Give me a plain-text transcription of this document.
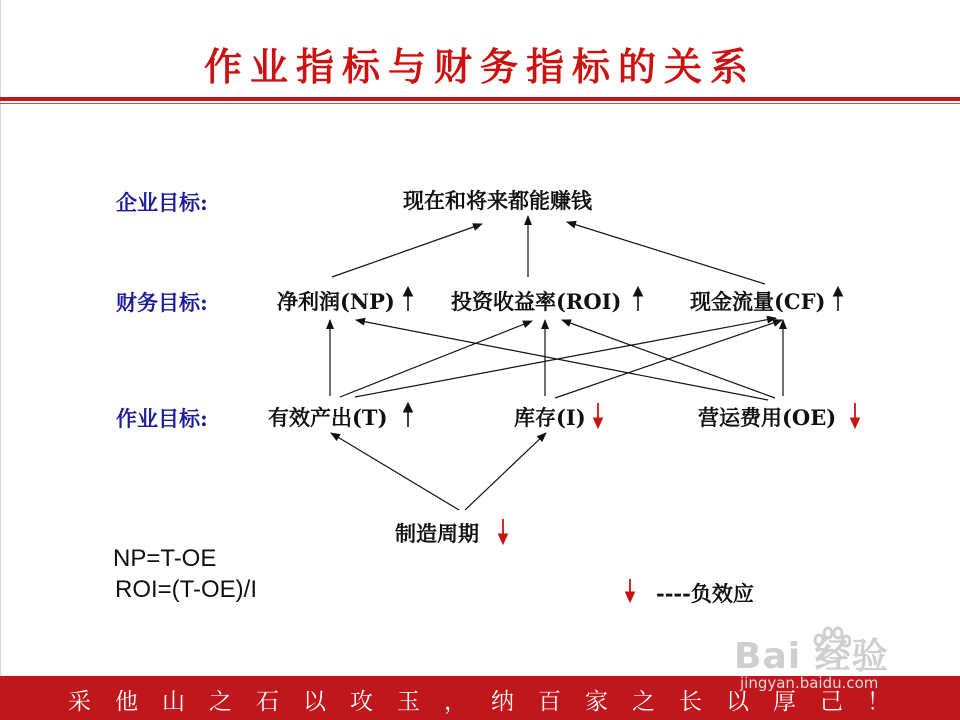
作业指标与财务指标的关系
企业目标:
财务目标:
作业目标:
现在和将来都能赚钱
净利润(NP)	投资收益率(ROI)	现金流量(CF)
有效产出(T)	库存(I)	营运费用(OE)
制造周期
NP=T-OE
ROI=(T-OE)/I	----负效应
采他山之石以攻玉，纳百家之长以厚己！
Bai 经验
jingyan.baidu.com
